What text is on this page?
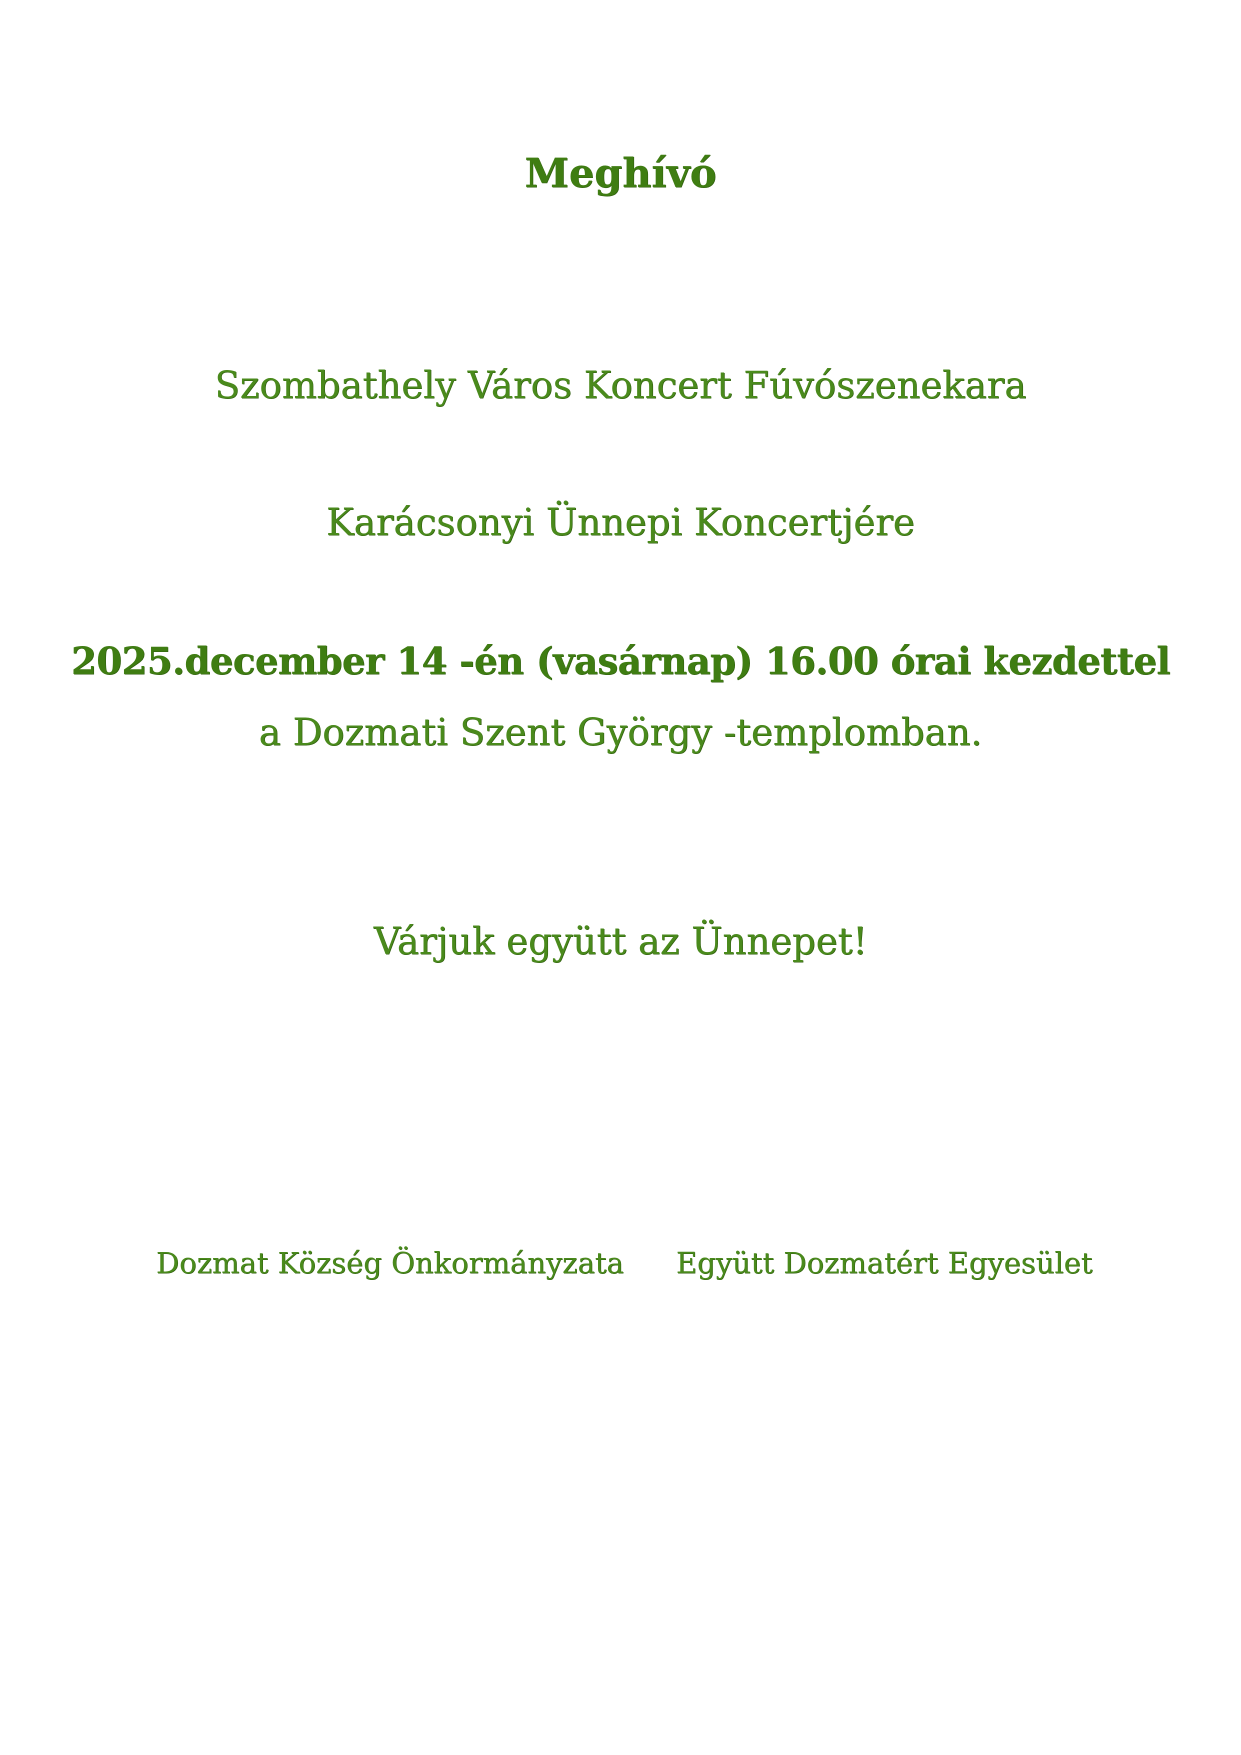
Meghívó
Szombathely Város Koncert Fúvószenekara
Karácsonyi Ünnepi Koncertjére
2025.december 14 -én (vasárnap) 16.00 órai kezdettel
a Dozmati Szent György -templomban.
Várjuk együtt az Ünnepet!
Dozmat Község Önkormányzata Együtt Dozmatért Egyesület
